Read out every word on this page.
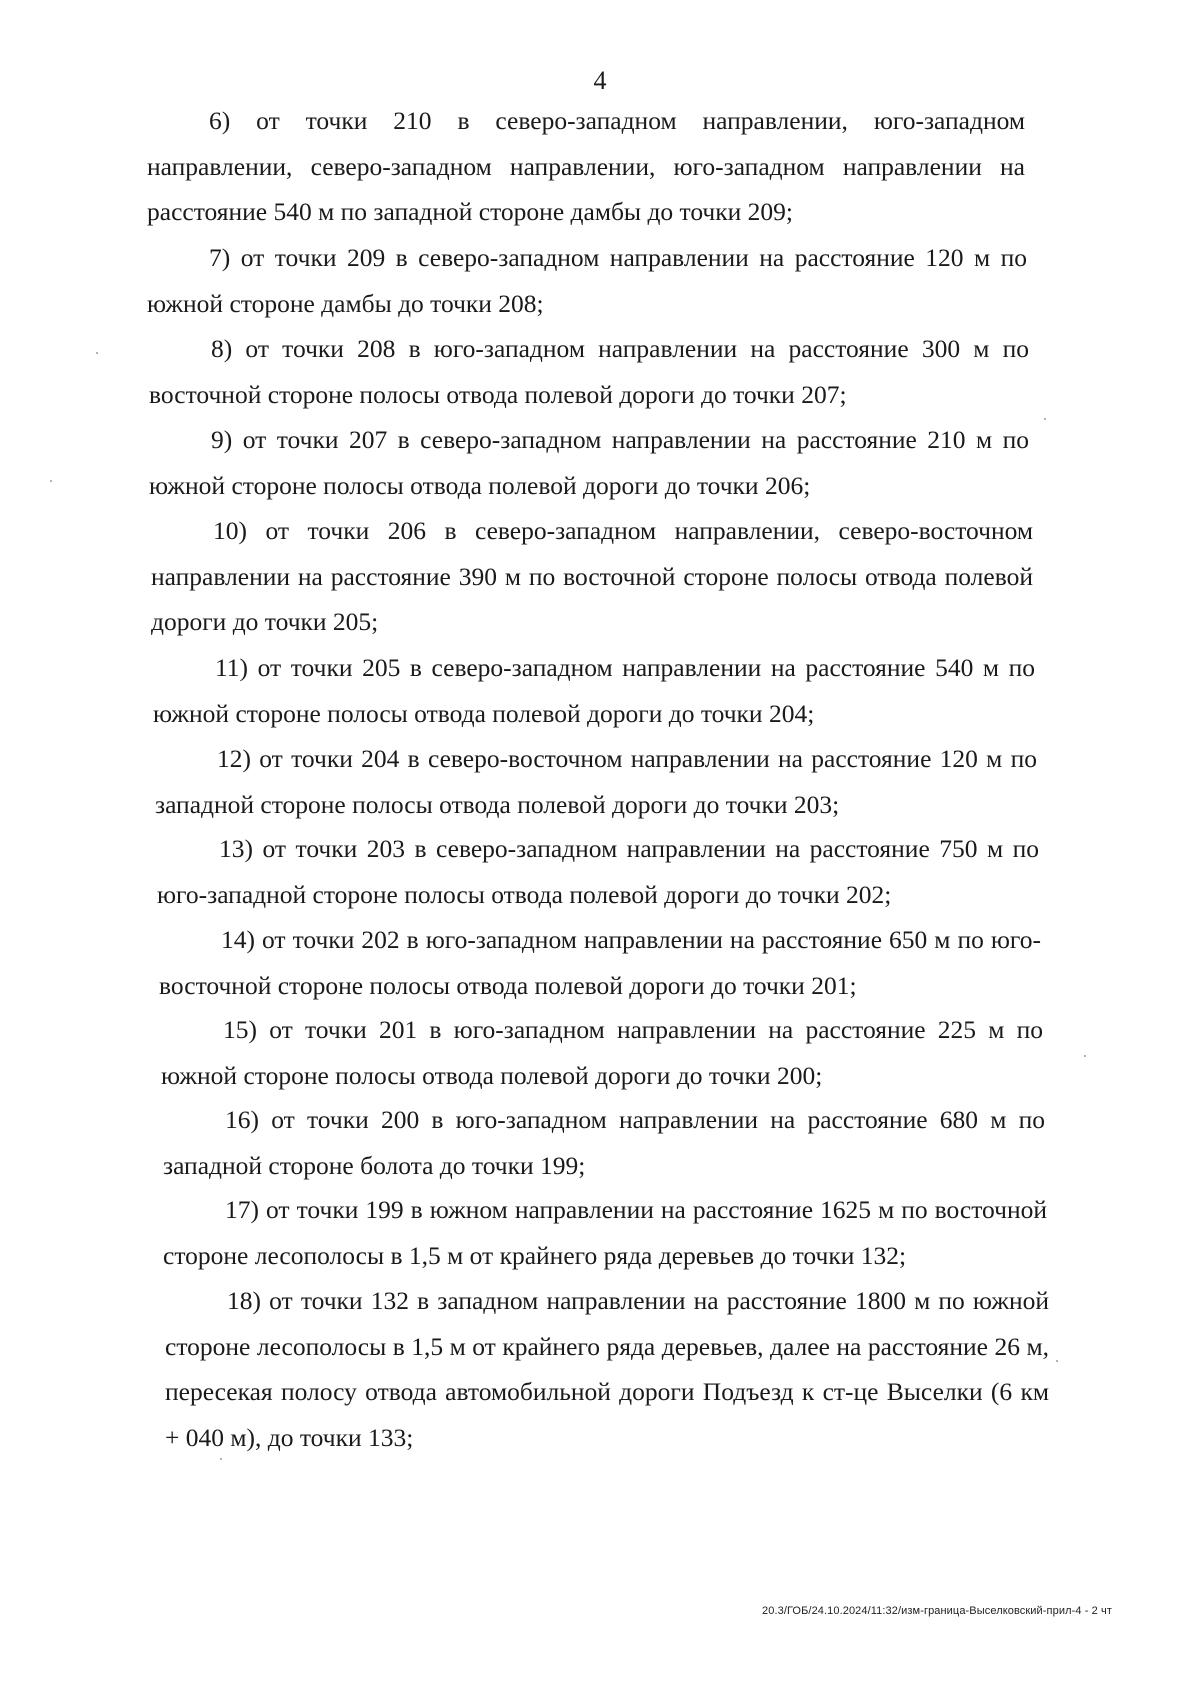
4

6) от точки 210 в северо-западном направлении, юго-западном направлении, северо-западном направлении, юго-западном направлении на расстояние 540 м по западной стороне дамбы до точки 209;

7) от точки 209 в северо-западном направлении на расстояние 120 м по южной стороне дамбы до точки 208;

8) от точки 208 в юго-западном направлении на расстояние 300 м по восточной стороне полосы отвода полевой дороги до точки 207;

9) от точки 207 в северо-западном направлении на расстояние 210 м по южной стороне полосы отвода полевой дороги до точки 206;

10) от точки 206 в северо-западном направлении, северо-восточном направлении на расстояние 390 м по восточной стороне полосы отвода полевой дороги до точки 205;

11) от точки 205 в северо-западном направлении на расстояние 540 м по южной стороне полосы отвода полевой дороги до точки 204;

12) от точки 204 в северо-восточном направлении на расстояние 120 м по западной стороне полосы отвода полевой дороги до точки 203;

13) от точки 203 в северо-западном направлении на расстояние 750 м по юго-западной стороне полосы отвода полевой дороги до точки 202;

14) от точки 202 в юго-западном направлении на расстояние 650 м по юго-восточной стороне полосы отвода полевой дороги до точки 201;

15) от точки 201 в юго-западном направлении на расстояние 225 м по южной стороне полосы отвода полевой дороги до точки 200;

16) от точки 200 в юго-западном направлении на расстояние 680 м по западной стороне болота до точки 199;

17) от точки 199 в южном направлении на расстояние 1625 м по восточной стороне лесополосы в 1,5 м от крайнего ряда деревьев до точки 132;

18) от точки 132 в западном направлении на расстояние 1800 м по южной стороне лесополосы в 1,5 м от крайнего ряда деревьев, далее на расстояние 26 м, пересекая полосу отвода автомобильной дороги Подъезд к ст-це Выселки (6 км + 040 м), до точки 133;

20.3/ГОБ/24.10.2024/11:32/изм-граница-Выселковский-прил-4 - 2 чт
